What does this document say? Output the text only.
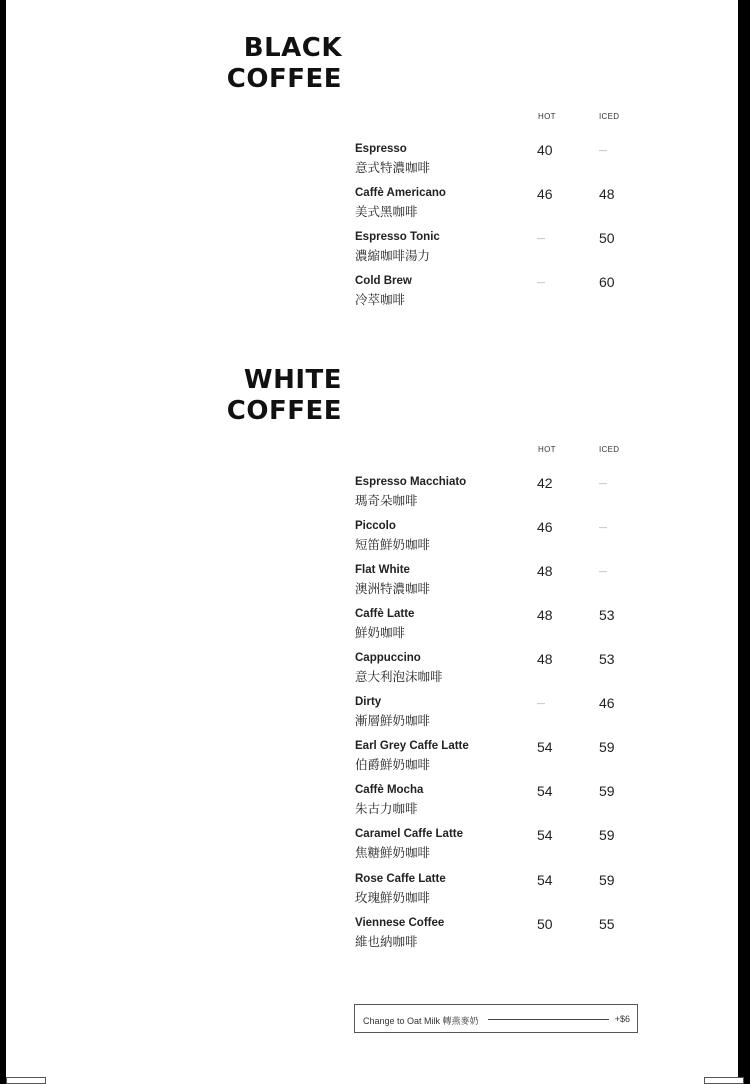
BLACK
COFFEE
HOT	ICED
Espresso
意式特濃咖啡
40	—
Caffè Americano
美式黑咖啡
46	48
Espresso Tonic
濃縮咖啡湯力
—	50
Cold Brew
冷萃咖啡
—	60
WHITE
COFFEE
HOT	ICED
Espresso Macchiato
瑪奇朵咖啡
42	—
Piccolo
短笛鮮奶咖啡
46	—
Flat White
澳洲特濃咖啡
48	—
Caffè Latte
鮮奶咖啡
48	53
Cappuccino
意大利泡沫咖啡
48	53
Dirty
漸層鮮奶咖啡
—	46
Earl Grey Caffe Latte
伯爵鮮奶咖啡
54	59
Caffè Mocha
朱古力咖啡
54	59
Caramel Caffe Latte
焦糖鮮奶咖啡
54	59
Rose Caffe Latte
玫瑰鮮奶咖啡
54	59
Viennese Coffee
維也納咖啡
50	55
Change to Oat Milk 轉燕麥奶	+$6
